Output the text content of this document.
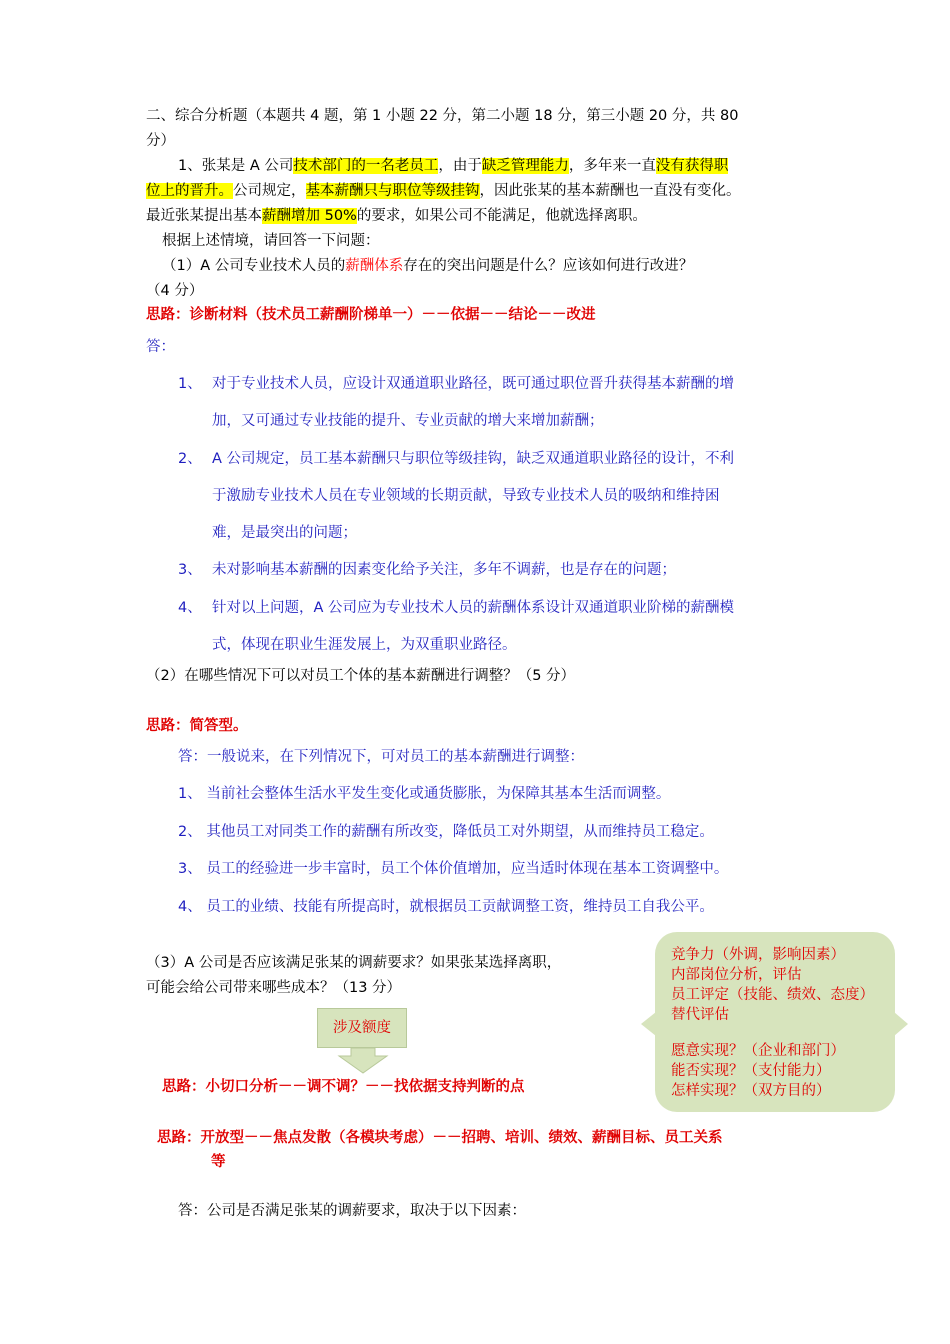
二、综合分析题（本题共 4 题，第 1 小题 22 分，第二小题 18 分，第三小题 20 分，共 80
分）
1、张某是 A 公司技术部门的一名老员工，由于缺乏管理能力，多年来一直没有获得职
位上的晋升。公司规定，基本薪酬只与职位等级挂钩，因此张某的基本薪酬也一直没有变化。
最近张某提出基本薪酬增加 50%的要求，如果公司不能满足，他就选择离职。
根据上述情境，请回答一下问题：
（1）A 公司专业技术人员的薪酬体系存在的突出问题是什么？应该如何进行改进？
（4 分）
思路：诊断材料（技术员工薪酬阶梯单一）－－依据－－结论－－改进
答：
1、 对于专业技术人员，应设计双通道职业路径，既可通过职位晋升获得基本薪酬的增
加，又可通过专业技能的提升、专业贡献的增大来增加薪酬；
2、 A 公司规定，员工基本薪酬只与职位等级挂钩，缺乏双通道职业路径的设计，不利
于激励专业技术人员在专业领域的长期贡献，导致专业技术人员的吸纳和维持困
难，是最突出的问题；
3、 未对影响基本薪酬的因素变化给予关注，多年不调薪，也是存在的问题；
4、 针对以上问题，A 公司应为专业技术人员的薪酬体系设计双通道职业阶梯的薪酬模
式，体现在职业生涯发展上，为双重职业路径。
（2）在哪些情况下可以对员工个体的基本薪酬进行调整？（5 分）
思路：简答型。
答：一般说来，在下列情况下，可对员工的基本薪酬进行调整：
1、 当前社会整体生活水平发生变化或通货膨胀，为保障其基本生活而调整。
2、 其他员工对同类工作的薪酬有所改变，降低员工对外期望，从而维持员工稳定。
3、 员工的经验进一步丰富时，员工个体价值增加，应当适时体现在基本工资调整中。
4、 员工的业绩、技能有所提高时，就根据员工贡献调整工资，维持员工自我公平。
（3）A 公司是否应该满足张某的调薪要求？如果张某选择离职，
可能会给公司带来哪些成本？（13 分）
涉及额度
思路：小切口分析－－调不调？－－找依据支持判断的点
思路：开放型－－焦点发散（各模块考虑）－－招聘、培训、绩效、薪酬目标、员工关系
等
答：公司是否满足张某的调薪要求，取决于以下因素：
竞争力（外调，影响因素）
内部岗位分析，评估
员工评定（技能、绩效、态度）
替代评估
愿意实现？（企业和部门）
能否实现？（支付能力）
怎样实现？（双方目的）
